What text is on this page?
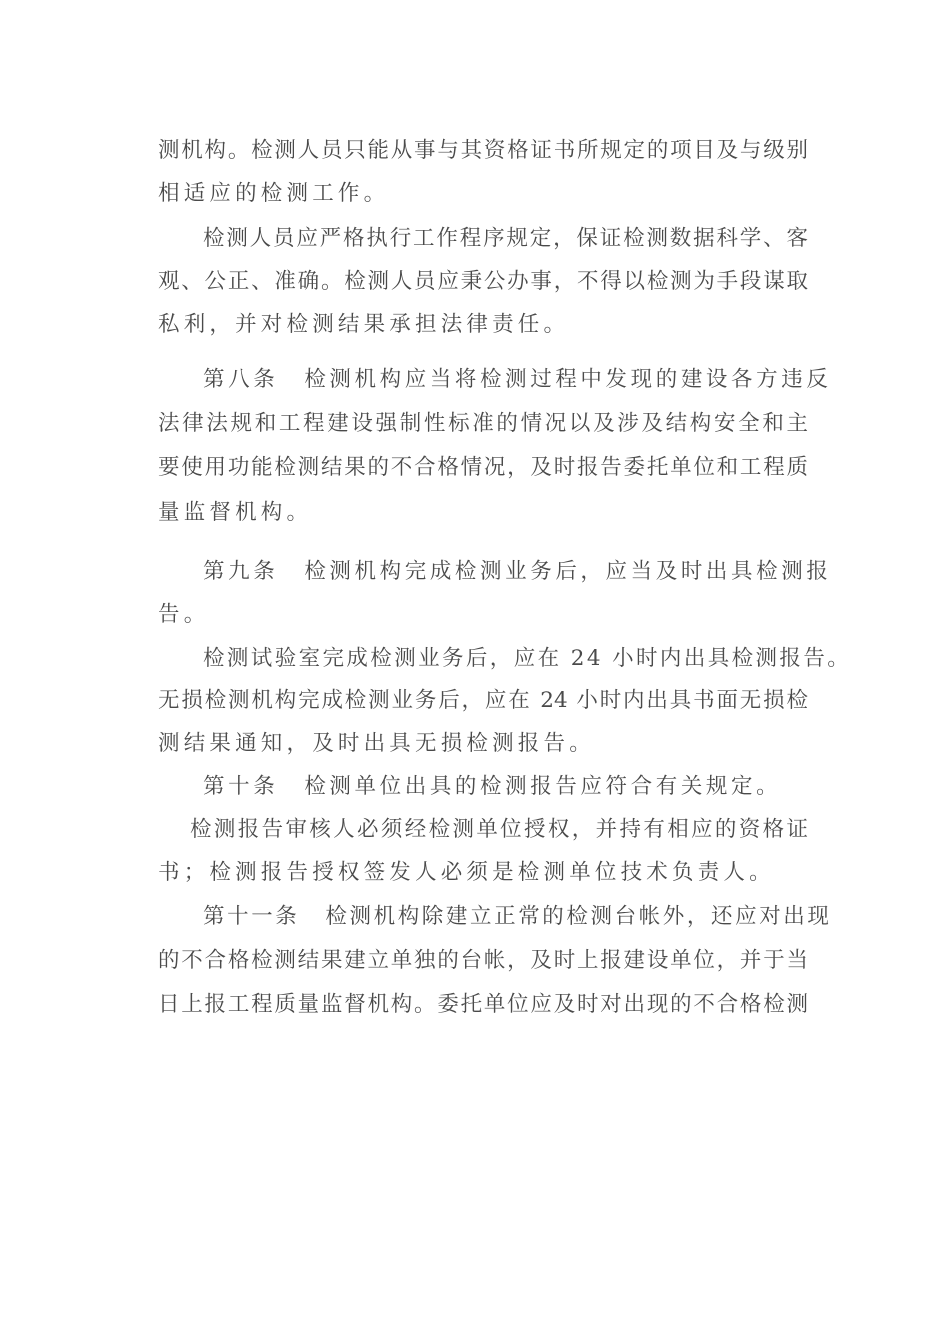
测机构。检测人员只能从事与其资格证书所规定的项目及与级别
相适应的检测工作。
检测人员应严格执行工作程序规定，保证检测数据科学、客
观、公正、准确。检测人员应秉公办事，不得以检测为手段谋取
私利，并对检测结果承担法律责任。
第八条 检测机构应当将检测过程中发现的建设各方违反
法律法规和工程建设强制性标准的情况以及涉及结构安全和主
要使用功能检测结果的不合格情况，及时报告委托单位和工程质
量监督机构。
第九条 检测机构完成检测业务后，应当及时出具检测报
告。
检测试验室完成检测业务后，应在 24 小时内出具检测报告。
无损检测机构完成检测业务后，应在 24 小时内出具书面无损检
测结果通知，及时出具无损检测报告。
第十条 检测单位出具的检测报告应符合有关规定。
检测报告审核人必须经检测单位授权，并持有相应的资格证
书；检测报告授权签发人必须是检测单位技术负责人。
第十一条 检测机构除建立正常的检测台帐外，还应对出现
的不合格检测结果建立单独的台帐，及时上报建设单位，并于当
日上报工程质量监督机构。委托单位应及时对出现的不合格检测
